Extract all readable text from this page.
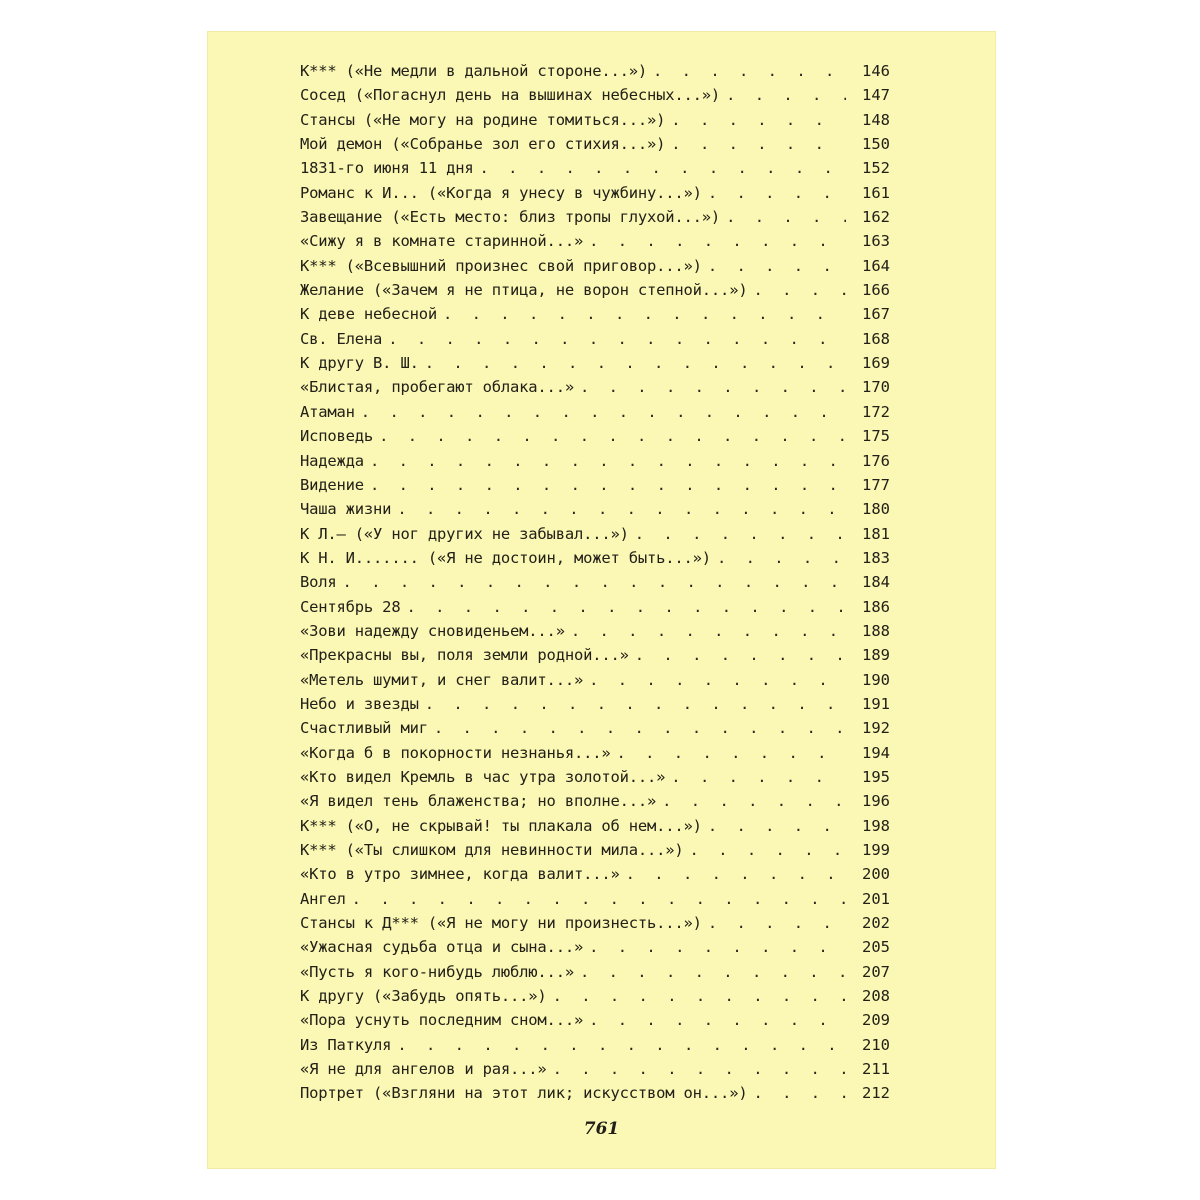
К*** («Не медли в дальной стороне...») . . .	146
Сосед («Погаснул день на вышинах небесных...») . . .	147
Стансы («Не могу на родине томиться...») . . .	148
Мой демон («Собранье зол его стихия...») . . .	150
1831-го июня 11 дня . . .	152
Романс к И... («Когда я унесу в чужбину...») . . .	161
Завещание («Есть место: близ тропы глухой...») . . .	162
«Сижу я в комнате старинной...» . . .	163
К*** («Всевышний произнес свой приговор...») . . .	164
Желание («Зачем я не птица, не ворон степной...») . . .	166
К деве небесной . . .	167
Св. Елена . . .	168
К другу В. Ш. . . .	169
«Блистая, пробегают облака...» . . .	170
Атаман . . .	172
Исповедь . . .	175
Надежда . . .	176
Видение . . .	177
Чаша жизни . . .	180
К Л.— («У ног других не забывал...») . . .	181
К Н. И....... («Я не достоин, может быть...») . . .	183
Воля . . .	184
Сентябрь 28 . . .	186
«Зови надежду сновиденьем...» . . .	188
«Прекрасны вы, поля земли родной...» . . .	189
«Метель шумит, и снег валит...» . . .	190
Небо и звезды . . .	191
Счастливый миг . . .	192
«Когда б в покорности незнанья...» . . .	194
«Кто видел Кремль в час утра золотой...» . . .	195
«Я видел тень блаженства; но вполне...» . . .	196
К*** («О, не скрывай! ты плакала об нем...») . . .	198
К*** («Ты слишком для невинности мила...») . . .	199
«Кто в утро зимнее, когда валит...» . . .	200
Ангел . . .	201
Стансы к Д*** («Я не могу ни произнесть...») . . .	202
«Ужасная судьба отца и сына...» . . .	205
«Пусть я кого-нибудь люблю...» . . .	207
К другу («Забудь опять...») . . .	208
«Пора уснуть последним сном...» . . .	209
Из Паткуля . . .	210
«Я не для ангелов и рая...» . . .	211
Портрет («Взгляни на этот лик; искусством он...») . . .	212
761
